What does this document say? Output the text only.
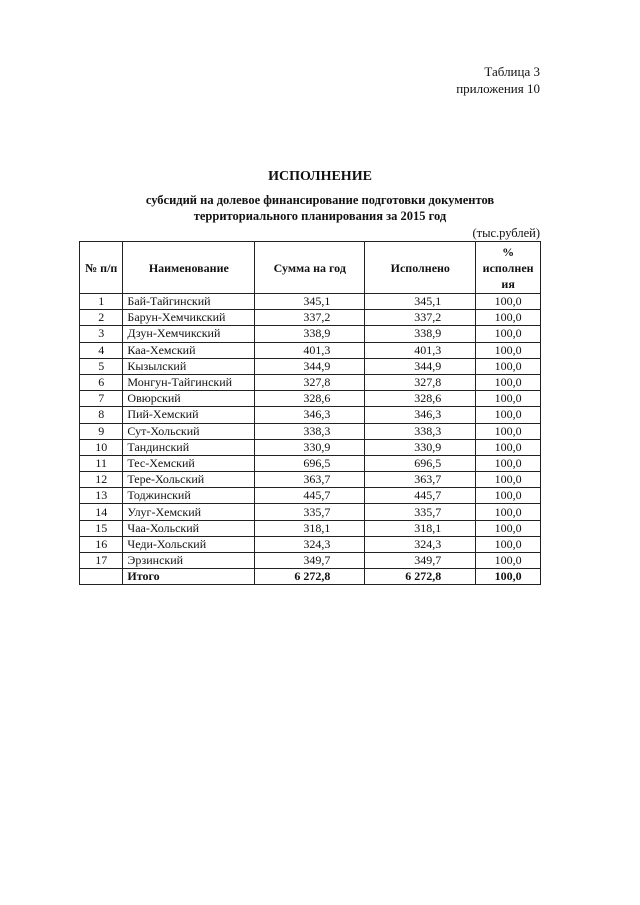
Таблица 3
приложения 10
ИСПОЛНЕНИЕ
субсидий на долевое финансирование подготовки документов
территориального планирования за 2015 год
(тыс.рублей)
№ п/п	Наименование	Сумма на год	Исполнено	%
исполнен
ия

1	Бай-Тайгинский	345,1	345,1	100,0
2	Барун-Хемчикский	337,2	337,2	100,0
3	Дзун-Хемчикский	338,9	338,9	100,0
4	Каа-Хемский	401,3	401,3	100,0
5	Кызылский	344,9	344,9	100,0
6	Монгун-Тайгинский	327,8	327,8	100,0
7	Овюрский	328,6	328,6	100,0
8	Пий-Хемский	346,3	346,3	100,0
9	Сут-Хольский	338,3	338,3	100,0
10	Тандинский	330,9	330,9	100,0
11	Тес-Хемский	696,5	696,5	100,0
12	Тере-Хольский	363,7	363,7	100,0
13	Тоджинский	445,7	445,7	100,0
14	Улуг-Хемский	335,7	335,7	100,0
15	Чаа-Хольский	318,1	318,1	100,0
16	Чеди-Хольский	324,3	324,3	100,0
17	Эрзинский	349,7	349,7	100,0
	Итого	6 272,8	6 272,8	100,0
